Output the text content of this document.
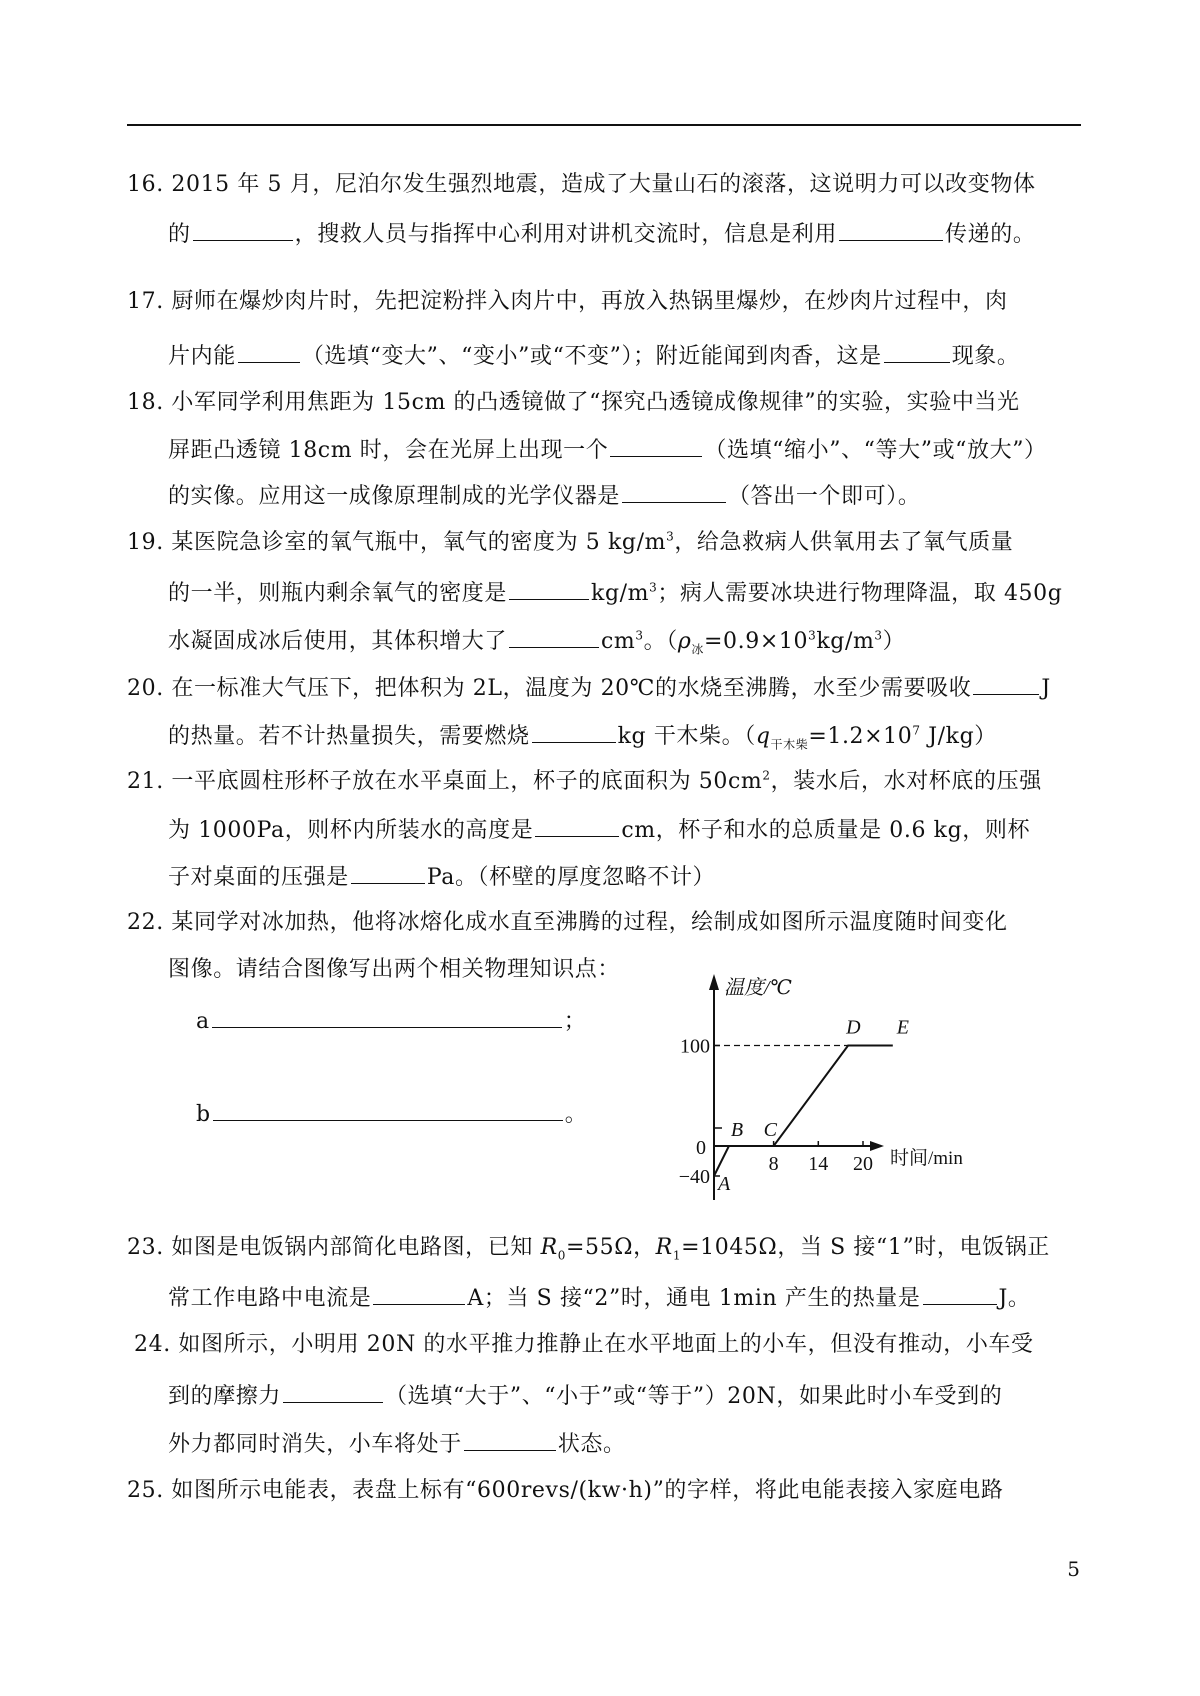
16. 2015 年 5 月，尼泊尔发生强烈地震，造成了大量山石的滚落，这说明力可以改变物体
的	，搜救人员与指挥中心利用对讲机交流时，信息是利用	传递的。
17. 厨师在爆炒肉片时，先把淀粉拌入肉片中，再放入热锅里爆炒，在炒肉片过程中，肉
片内能	（选填“变大”、“变小”或“不变”）；附近能闻到肉香，这是	现象。
18. 小军同学利用焦距为 15cm 的凸透镜做了“探究凸透镜成像规律”的实验，实验中当光
屏距凸透镜 18cm 时，会在光屏上出现一个	（选填“缩小”、“等大”或“放大”）
的实像。应用这一成像原理制成的光学仪器是	（答出一个即可）。
19. 某医院急诊室的氧气瓶中，氧气的密度为 5 $kg/m^3$，给急救病人供氧用去了氧气质量
的一半，则瓶内剩余氧气的密度是	$kg/m^3$；病人需要冰块进行物理降温，取 450g
水凝固成冰后使用，其体积增大了	$cm^3$。$(\rho_冰=0.9\times 10^3kg/m^3)$
20. 在一标准大气压下，把体积为 2L，温度为 20℃的水烧至沸腾，水至少需要吸收	J
的热量。若不计热量损失，需要燃烧	kg 干木柴。（$q_{干木柴}=1.2\times 10^7$ J/kg）
21. 一平底圆柱形杯子放在水平桌面上，杯子的底面积为 $50cm^2$，装水后，水对杯底的压强
为 1000Pa，则杯内所装水的高度是	cm，杯子和水的总质量是 0.6 kg，则杯
子对桌面的压强是	Pa。（杯壁的厚度忽略不计）
22. 某同学对冰加热，他将冰熔化成水直至沸腾的过程，绘制成如图所示温度随时间变化
图像。请结合图像写出两个相关物理知识点：
a	；
b	。
温度/℃
时间/min
8 14 20
100
−40
0
A
B C
D E
23. 如图是电饭锅内部简化电路图，已知 $R_0=55\Omega$，$R_1=1045\Omega$，当 S 接“1”时，电饭锅正
常工作电路中电流是	A；当 S 接“2”时，通电 1min 产生的热量是	J。
24. 如图所示，小明用 20N 的水平推力推静止在水平地面上的小车，但没有推动，小车受
到的摩擦力	（选填“大于”、“小于”或“等于”）20N，如果此时小车受到的
外力都同时消失，小车将处于	状态。
25. 如图所示电能表，表盘上标有“600revs/(kw·h)”的字样，将此电能表接入家庭电路
5
